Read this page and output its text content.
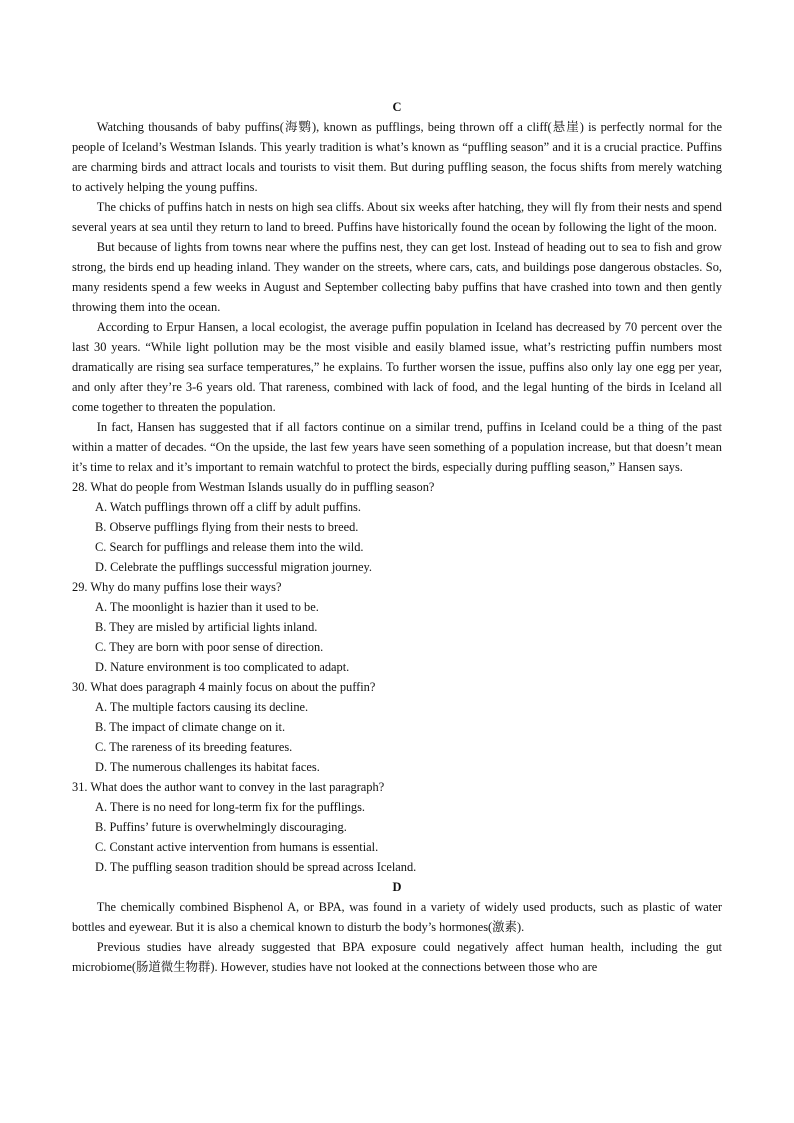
C

Watching thousands of baby puffins(海鹦), known as pufflings, being thrown off a cliff(悬崖) is perfectly normal for the people of Iceland’s Westman Islands. This yearly tradition is what’s known as “puffling season” and it is a crucial practice. Puffins are charming birds and attract locals and tourists to visit them. But during puffling season, the focus shifts from merely watching to actively helping the young puffins.

The chicks of puffins hatch in nests on high sea cliffs. About six weeks after hatching, they will fly from their nests and spend several years at sea until they return to land to breed. Puffins have historically found the ocean by following the light of the moon.

But because of lights from towns near where the puffins nest, they can get lost. Instead of heading out to sea to fish and grow strong, the birds end up heading inland. They wander on the streets, where cars, cats, and buildings pose dangerous obstacles. So, many residents spend a few weeks in August and September collecting baby puffins that have crashed into town and then gently throwing them into the ocean.

According to Erpur Hansen, a local ecologist, the average puffin population in Iceland has decreased by 70 percent over the last 30 years. “While light pollution may be the most visible and easily blamed issue, what’s restricting puffin numbers most dramatically are rising sea surface temperatures,” he explains. To further worsen the issue, puffins also only lay one egg per year, and only after they’re 3-6 years old. That rareness, combined with lack of food, and the legal hunting of the birds in Iceland all come together to threaten the population.

In fact, Hansen has suggested that if all factors continue on a similar trend, puffins in Iceland could be a thing of the past within a matter of decades. “On the upside, the last few years have seen something of a population increase, but that doesn’t mean it’s time to relax and it’s important to remain watchful to protect the birds, especially during puffling season,” Hansen says.

28. What do people from Westman Islands usually do in puffling season?

A. Watch pufflings thrown off a cliff by adult puffins.

B. Observe pufflings flying from their nests to breed.

C. Search for pufflings and release them into the wild.

D. Celebrate the pufflings successful migration journey.

29. Why do many puffins lose their ways?

A. The moonlight is hazier than it used to be.

B. They are misled by artificial lights inland.

C. They are born with poor sense of direction.

D. Nature environment is too complicated to adapt.

30. What does paragraph 4 mainly focus on about the puffin?

A. The multiple factors causing its decline.

B. The impact of climate change on it.

C. The rareness of its breeding features.

D. The numerous challenges its habitat faces.

31. What does the author want to convey in the last paragraph?

A. There is no need for long-term fix for the pufflings.

B. Puffins’ future is overwhelmingly discouraging.

C. Constant active intervention from humans is essential.

D. The puffling season tradition should be spread across Iceland.

D

The chemically combined Bisphenol A, or BPA, was found in a variety of widely used products, such as plastic of water bottles and eyewear. But it is also a chemical known to disturb the body’s hormones(激素).

Previous studies have already suggested that BPA exposure could negatively affect human health, including the gut microbiome(肠道微生物群). However, studies have not looked at the connections between those who are
